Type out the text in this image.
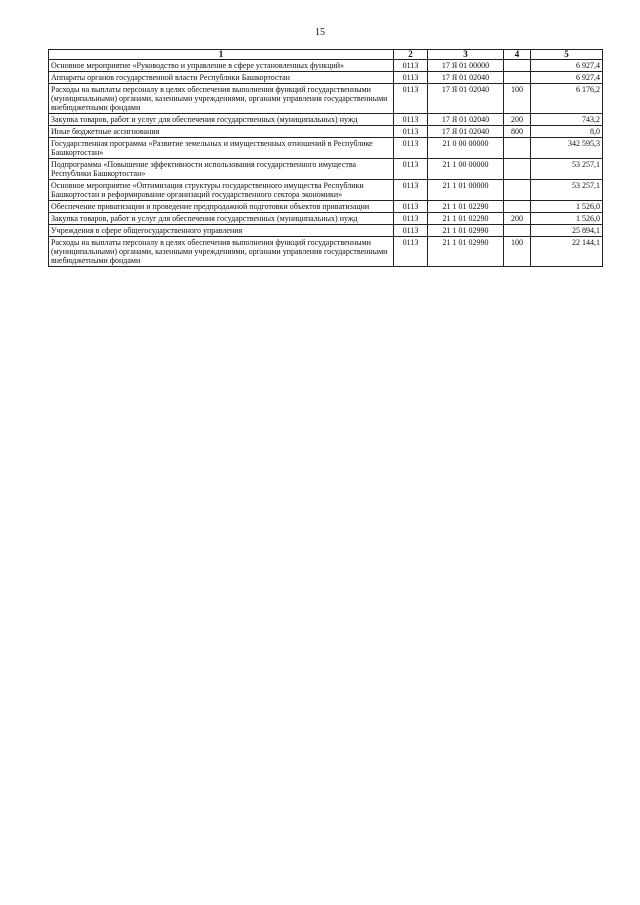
15
1	2	3	4	5
Основное мероприятие «Руководство и управление в сфере установленных функций»	0113	17 Я 01 00000		6 927,4
Аппараты органов государственной власти Республики Башкортостан	0113	17 Я 01 02040		6 927,4
Расходы на выплаты персоналу в целях обеспечения выполнения функций государственными (муниципальными) органами, казенными учреждениями, органами управления государственными внебюджетными фондами	0113	17 Я 01 02040	100	6 176,2
Закупка товаров, работ и услуг для обеспечения государственных (муниципальных) нужд	0113	17 Я 01 02040	200	743,2
Иные бюджетные ассигнования	0113	17 Я 01 02040	800	8,0
Государственная программа «Развитие земельных и имущественных отношений в Республике Башкортостан»	0113	21 0 00 00000		342 595,3
Подпрограмма «Повышение эффективности использования государственного имущества Республики Башкортостан»	0113	21 1 00 00000		53 257,1
Основное мероприятие «Оптимизация структуры государственного имущества Республики Башкортостан и реформирование организаций государственного сектора экономики»	0113	21 1 01 00000		53 257,1
Обеспечение приватизации и проведение предпродажной подготовки объектов приватизации	0113	21 1 01 02290		1 526,0
Закупка товаров, работ и услуг для обеспечения государственных (муниципальных) нужд	0113	21 1 01 02290	200	1 526,0
Учреждения в сфере общегосударственного управления	0113	21 1 01 02990		25 894,1
Расходы на выплаты персоналу в целях обеспечения выполнения функций государственными (муниципальными) органами, казенными учреждениями, органами управления государственными внебюджетными фондами	0113	21 1 01 02990	100	22 144,1
